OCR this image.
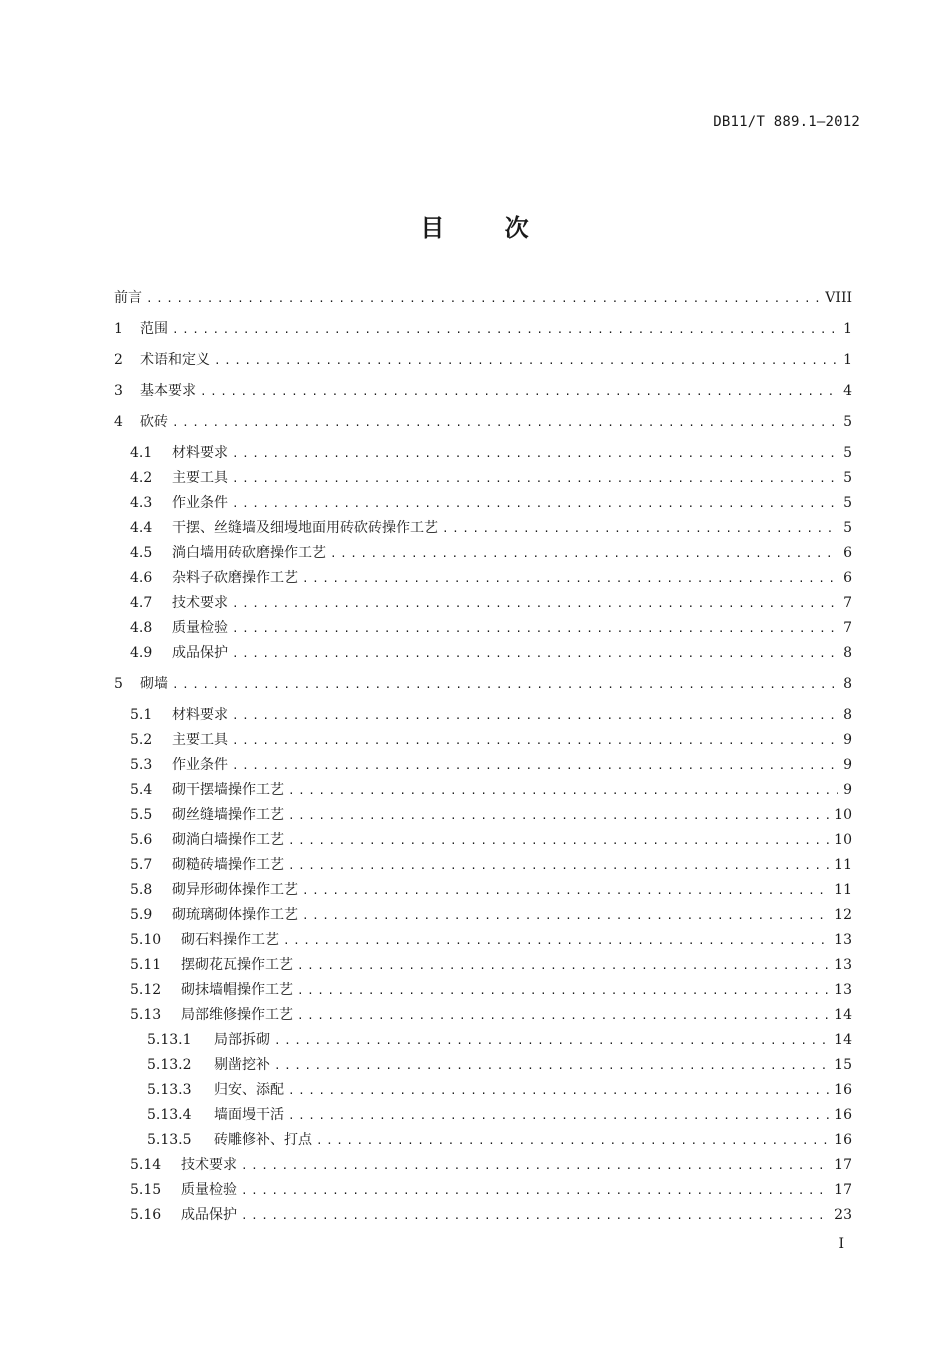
DB11/T 889.1—2012
目 次
前言 .....	VIII
1	范围 .....	1
2	术语和定义 .....	1
3	基本要求 .....	4
4	砍砖 .....	5
4.1	材料要求 .....	5
4.2	主要工具 .....	5
4.3	作业条件 .....	5
4.4	干摆、丝缝墙及细墁地面用砖砍砖操作工艺 .....	5
4.5	淌白墙用砖砍磨操作工艺 .....	6
4.6	杂料子砍磨操作工艺 .....	6
4.7	技术要求 .....	7
4.8	质量检验 .....	7
4.9	成品保护 .....	8
5	砌墙 .....	8
5.1	材料要求 .....	8
5.2	主要工具 .....	9
5.3	作业条件 .....	9
5.4	砌干摆墙操作工艺 .....	9
5.5	砌丝缝墙操作工艺 .....	10
5.6	砌淌白墙操作工艺 .....	10
5.7	砌糙砖墙操作工艺 .....	11
5.8	砌异形砌体操作工艺 .....	11
5.9	砌琉璃砌体操作工艺 .....	12
5.10	砌石料操作工艺 .....	13
5.11	摆砌花瓦操作工艺 .....	13
5.12	砌抹墙帽操作工艺 .....	13
5.13	局部维修操作工艺 .....	14
5.13.1	局部拆砌 .....	14
5.13.2	剔凿挖补 .....	15
5.13.3	归安、添配 .....	16
5.13.4	墙面墁干活 .....	16
5.13.5	砖雕修补、打点 .....	16
5.14	技术要求 .....	17
5.15	质量检验 .....	17
5.16	成品保护 .....	23
I
